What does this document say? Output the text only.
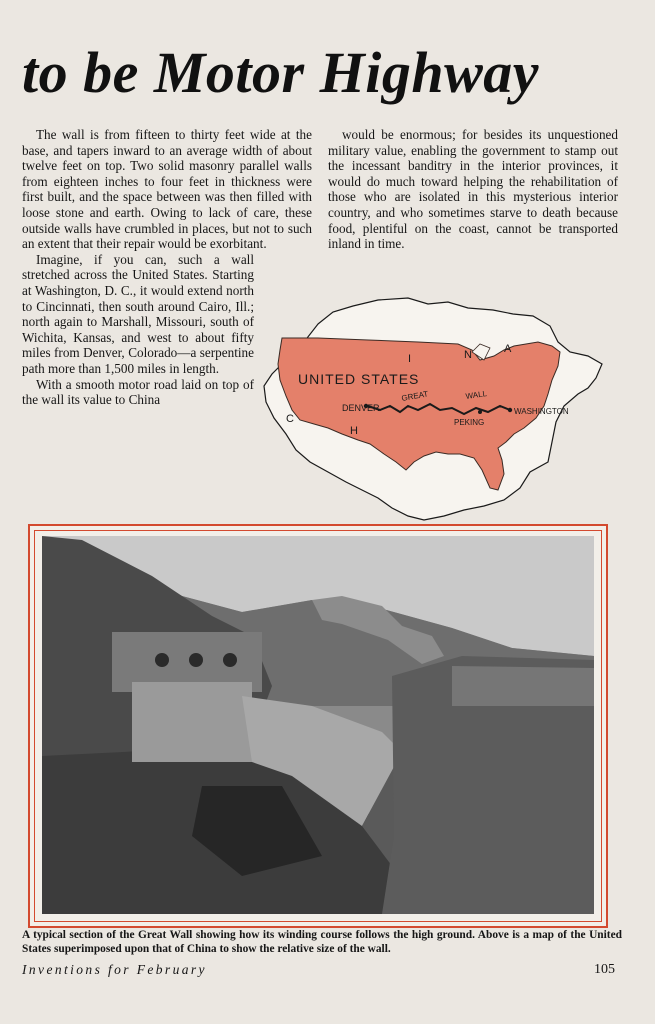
to be Motor Highway

The wall is from fifteen to thirty feet wide at the base, and tapers inward to an average width of about twelve feet on top. Two solid masonry parallel walls from eighteen inches to four feet in thickness were first built, and the space between was then filled with loose stone and earth. Owing to lack of care, these outside walls have crumbled in places, but not to such an extent that their repair would be exorbitant.

Imagine, if you can, such a wall stretched across the United States. Starting at Washington, D. C., it would extend north to Cincinnati, then south around Cairo, Ill.; north again to Marshall, Missouri, south of Wichita, Kansas, and west to about fifty miles from Denver, Colorado—a serpentine path more than 1,500 miles in length.

With a smooth motor road laid on top of the wall its value to China

would be enormous; for besides its unquestioned military value, enabling the government to stamp out the incessant banditry in the interior provinces, it would do much toward helping the rehabilitation of those who are isolated in this mysterious interior country, and who sometimes starve to death because food, plentiful on the coast, cannot be transported inland in time.

UNITED STATES
DENVER
GREAT	WALL
PEKING
WASHINGTON
C
H
I	N	A
A typical section of the Great Wall showing how its winding course follows the high ground. Above is a map of the United States superimposed upon that of China to show the relative size of the wall.
Inventions for February	105
